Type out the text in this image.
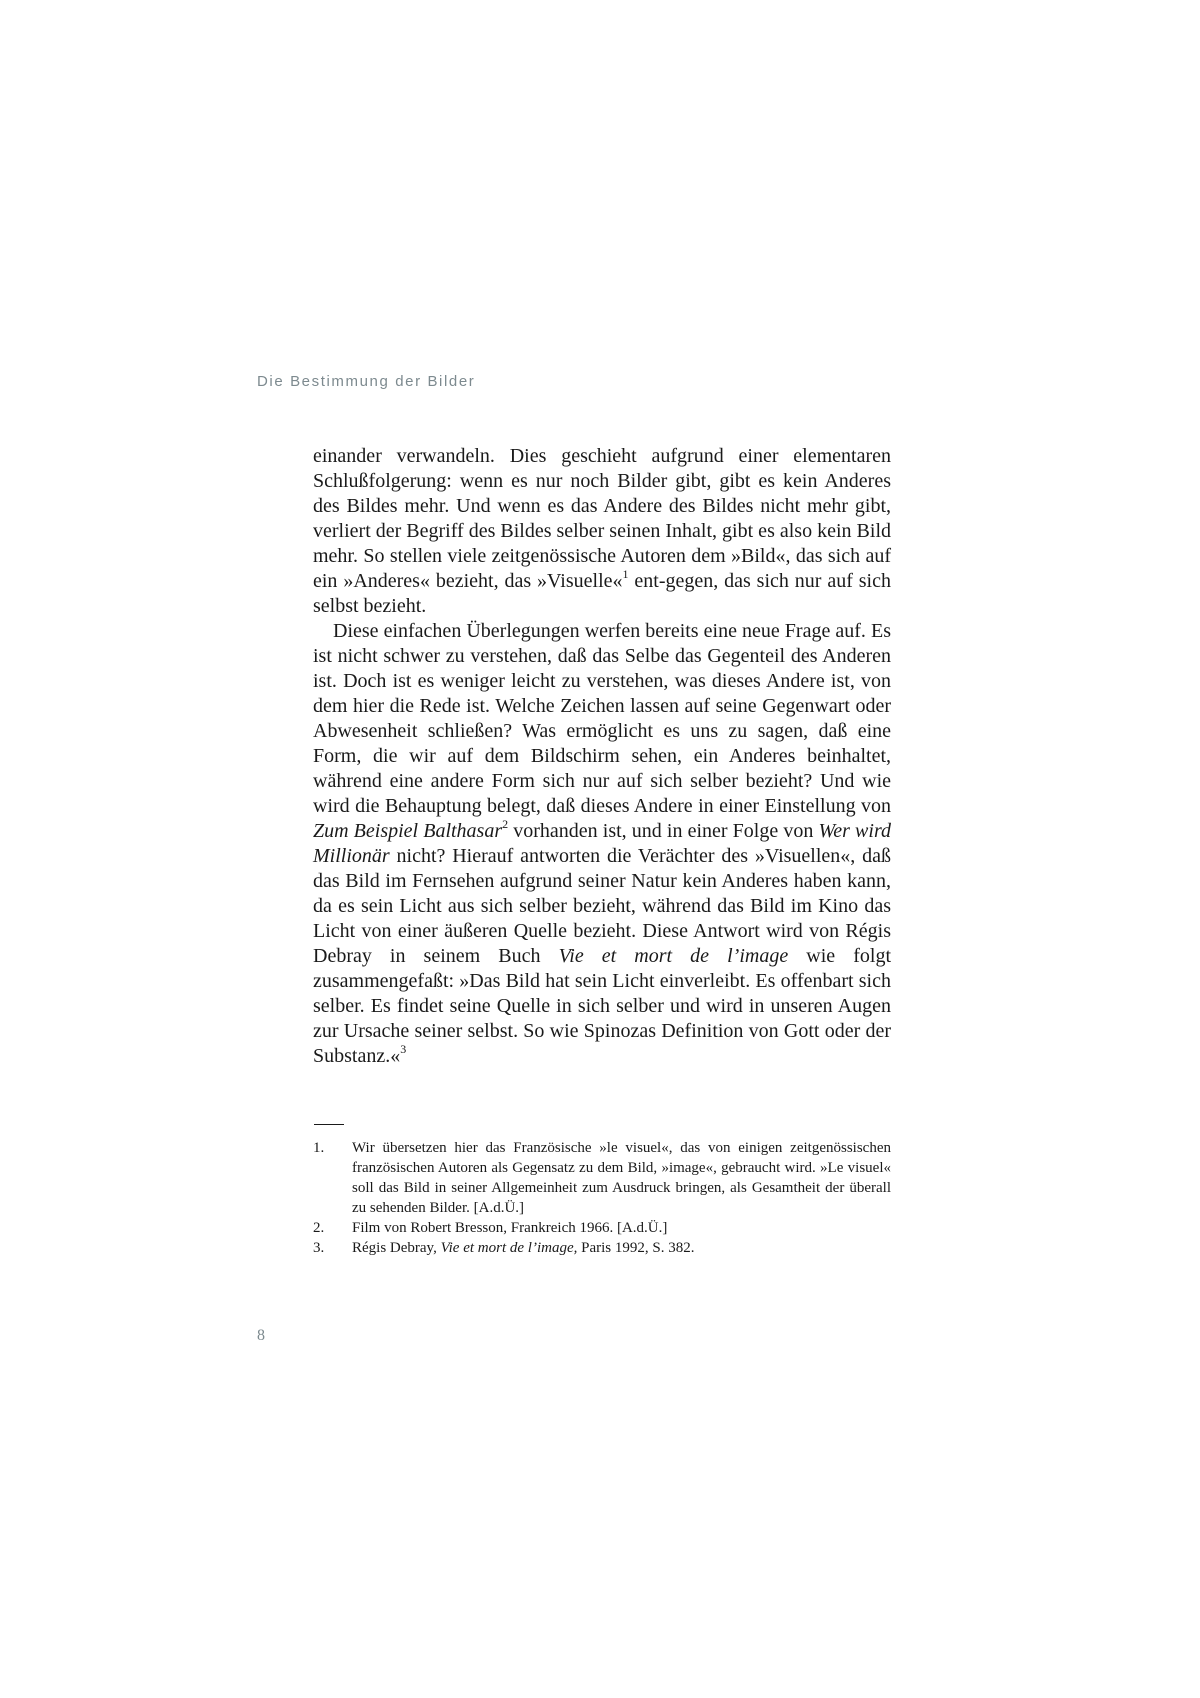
Die Bestimmung der Bilder

einander verwandeln. Dies geschieht aufgrund einer elementaren Schlußfolgerung: wenn es nur noch Bilder gibt, gibt es kein Anderes des Bildes mehr. Und wenn es das Andere des Bildes nicht mehr gibt, verliert der Begriff des Bildes selber seinen Inhalt, gibt es also kein Bild mehr. So stellen viele zeitgenössische Autoren dem »Bild«, das sich auf ein »Anderes« bezieht, das »Visuelle«$^1$ ent-gegen, das sich nur auf sich selbst bezieht.

Diese einfachen Überlegungen werfen bereits eine neue Frage auf. Es ist nicht schwer zu verstehen, daß das Selbe das Gegenteil des Anderen ist. Doch ist es weniger leicht zu verstehen, was dieses Andere ist, von dem hier die Rede ist. Welche Zeichen lassen auf seine Gegenwart oder Abwesenheit schließen? Was ermöglicht es uns zu sagen, daß eine Form, die wir auf dem Bildschirm sehen, ein Anderes beinhaltet, während eine andere Form sich nur auf sich selber bezieht? Und wie wird die Behauptung belegt, daß dieses Andere in einer Einstellung von Zum Beispiel Balthasar$^2$ vorhanden ist, und in einer Folge von Wer wird Millionär nicht? Hierauf antworten die Verächter des »Visuellen«, daß das Bild im Fernsehen aufgrund seiner Natur kein Anderes haben kann, da es sein Licht aus sich selber bezieht, während das Bild im Kino das Licht von einer äußeren Quelle bezieht. Diese Antwort wird von Régis Debray in seinem Buch Vie et mort de l’image wie folgt zusammengefaßt: »Das Bild hat sein Licht einverleibt. Es offenbart sich selber. Es findet seine Quelle in sich selber und wird in unseren Augen zur Ursache seiner selbst. So wie Spinozas Definition von Gott oder der Substanz.«$^3$

1.	Wir übersetzen hier das Französische »le visuel«, das von einigen zeitgenössischen französischen Autoren als Gegensatz zu dem Bild, »image«, gebraucht wird. »Le visuel« soll das Bild in seiner Allgemeinheit zum Ausdruck bringen, als Gesamtheit der überall zu sehenden Bilder. [A.d.Ü.]
2.	Film von Robert Bresson, Frankreich 1966. [A.d.Ü.]
3.	Régis Debray, Vie et mort de l’image, Paris 1992, S. 382.
8
